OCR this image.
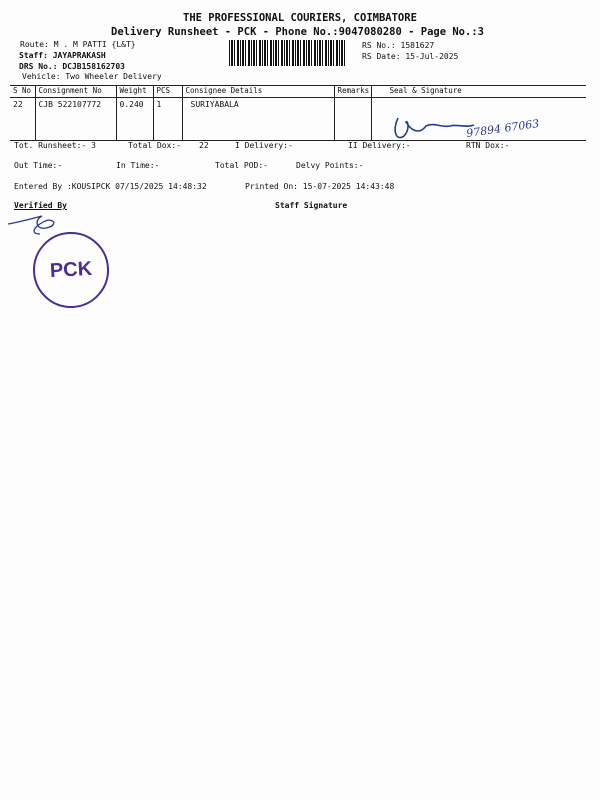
THE PROFESSIONAL COURIERS, COIMBATORE
Delivery Runsheet - PCK - Phone No.:9047080280 - Page No.:3
Route: M . M PATTI {L&T}
Staff: JAYAPRAKASH
DRS No.: DCJB158162703
Vehicle: Two Wheeler Delivery
RS No.: 1581627
RS Date: 15-Jul-2025
S No	Consignment No	Weight	PCS	Consignee Details	Remarks	Seal & Signature
22	CJB 522107772	0.240	1	SURIYABALA		
97894 67063
Tot. Runsheet:- 3	Total Dox:- 22	I Delivery:-	II Delivery:-	RTN Dox:-
Out Time:-	In Time:-	Total POD:-	Delvy Points:-
Entered By :KOUSIPCK 07/15/2025 14:48:32	Printed On: 15-07-2025 14:43:48
Verified By	Staff Signature
PCK
